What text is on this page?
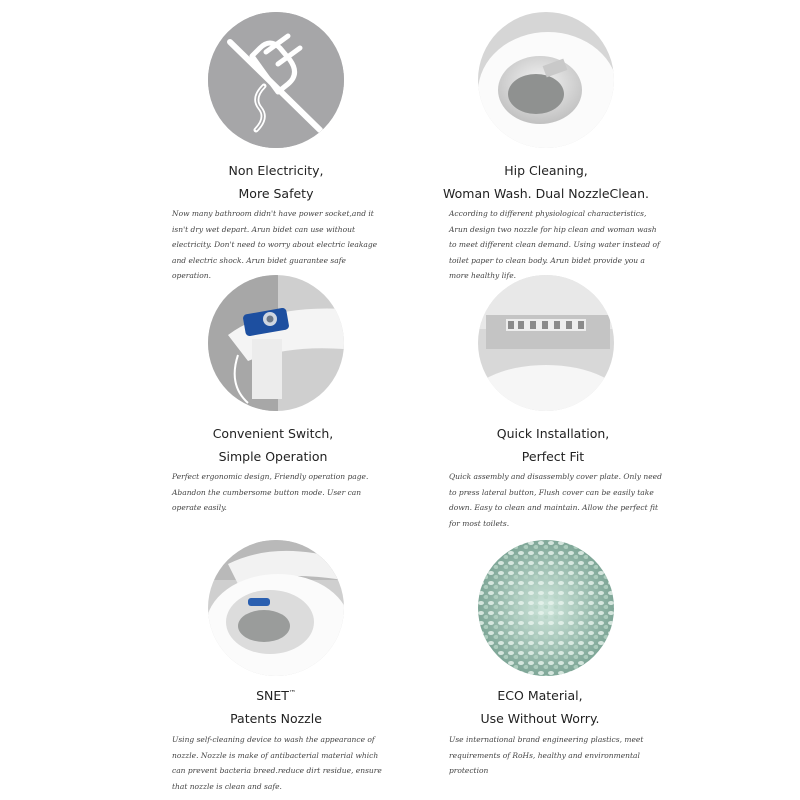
Non Electricity,
More Safety
Now many bathroom didn't have power socket,and it isn't dry wet depart. Arun bidet can use without electricity. Don't need to worry about electric leakage and electric shock. Arun bidet guarantee safe operation.
Hip Cleaning,
Woman Wash. Dual NozzleClean.
According to different physiological characteristics, Arun design two nozzle for hip clean and woman wash to meet different clean demand. Using water instead of toilet paper to clean body. Arun bidet provide you a more healthy life.
Convenient Switch,
Simple Operation
Perfect ergonomic design, Friendly operation page. Abandon the cumbersome button mode. User can operate easily.
Quick Installation,
Perfect Fit
Quick assembly and disassembly cover plate. Only need to press lateral button, Flush cover can be easily take down. Easy to clean and maintain. Allow the perfect fit for most toilets.
SNET™
Patents Nozzle
Using self-cleaning device to wash the appearance of nozzle. Nozzle is make of antibacterial material which can prevent bacteria breed.reduce dirt residue, ensure that nozzle is clean and safe.
ECO Material,
Use Without Worry.
Use international brand engineering plastics, meet requirements of RoHs, healthy and environmental protection
